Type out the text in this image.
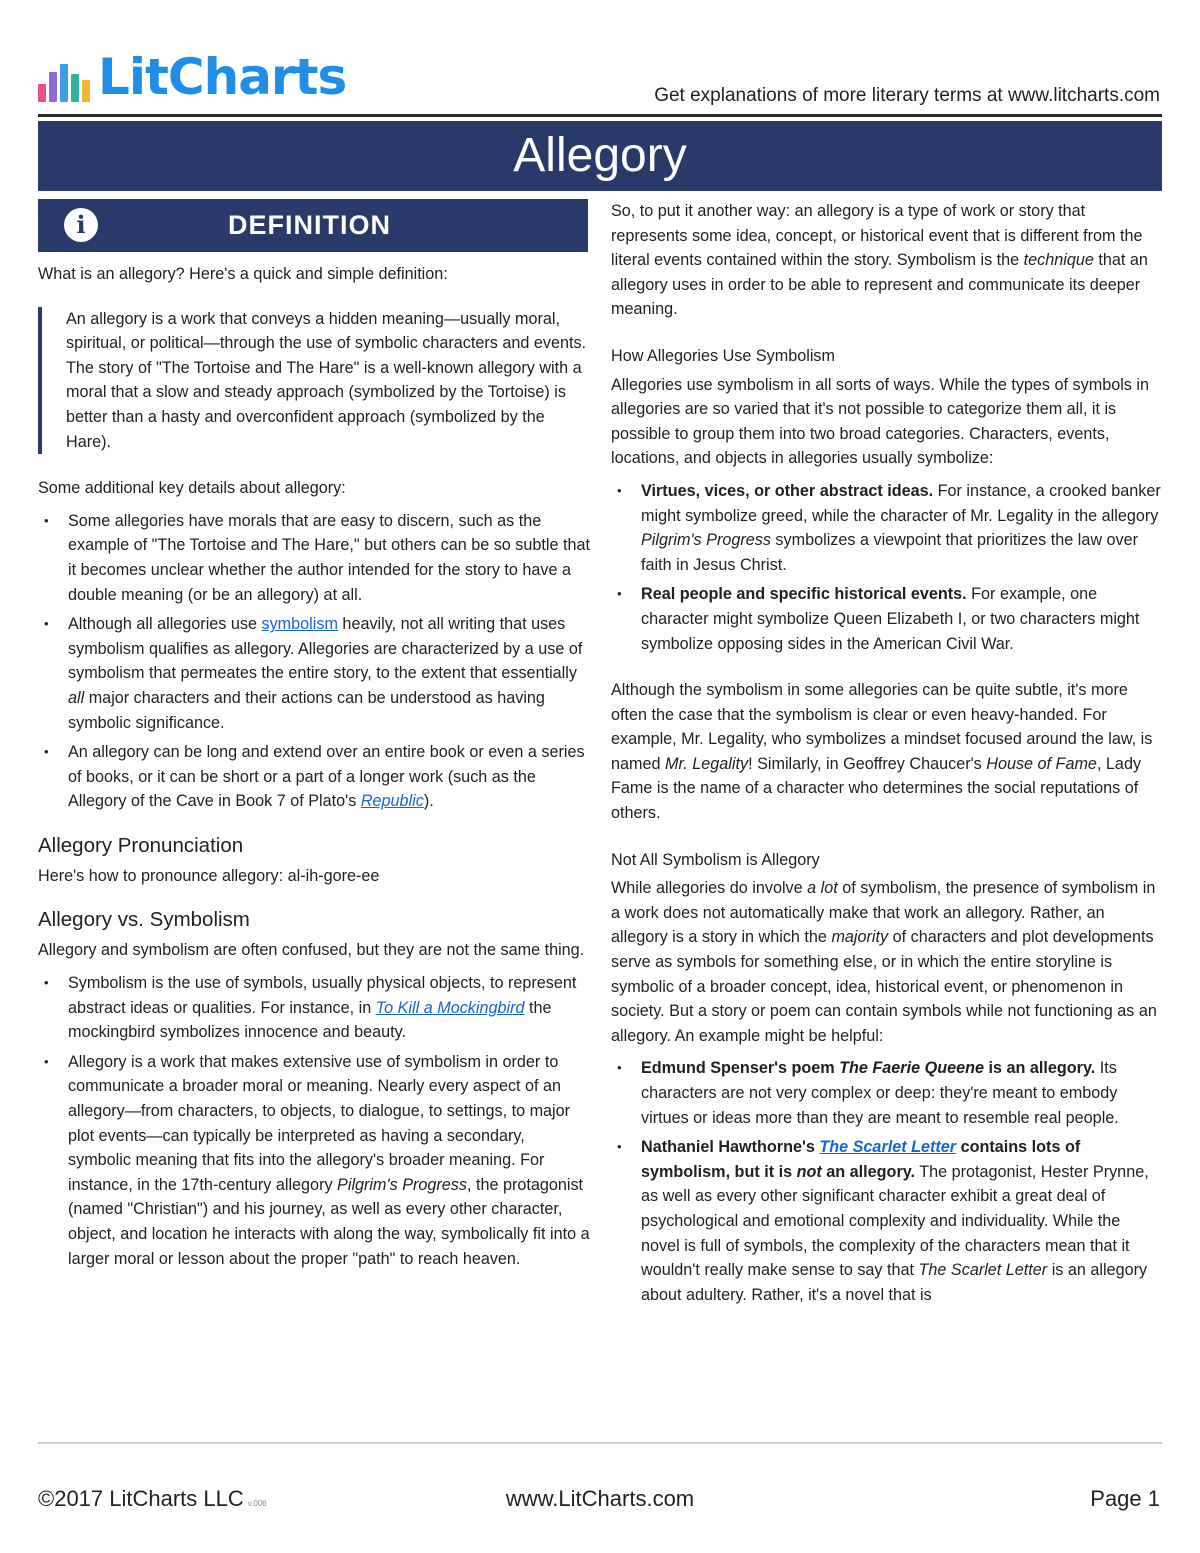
LitCharts	Get explanations of more literary terms at www.litcharts.com
Allegory
i	DEFINITION

What is an allegory? Here's a quick and simple definition:

An allegory is a work that conveys a hidden meaning—usually moral, spiritual, or political—through the use of symbolic characters and events. The story of "The Tortoise and The Hare" is a well-known allegory with a moral that a slow and steady approach (symbolized by the Tortoise) is better than a hasty and overconfident approach (symbolized by the Hare).

Some additional key details about allegory:

• Some allegories have morals that are easy to discern, such as the example of "The Tortoise and The Hare," but others can be so subtle that it becomes unclear whether the author intended for the story to have a double meaning (or be an allegory) at all.
• Although all allegories use symbolism heavily, not all writing that uses symbolism qualifies as allegory. Allegories are characterized by a use of symbolism that permeates the entire story, to the extent that essentially all major characters and their actions can be understood as having symbolic significance.
• An allegory can be long and extend over an entire book or even a series of books, or it can be short or a part of a longer work (such as the Allegory of the Cave in Book 7 of Plato's Republic).

Allegory Pronunciation

Here's how to pronounce allegory: al-ih-gore-ee

Allegory vs. Symbolism

Allegory and symbolism are often confused, but they are not the same thing.

• Symbolism is the use of symbols, usually physical objects, to represent abstract ideas or qualities. For instance, in To Kill a Mockingbird the mockingbird symbolizes innocence and beauty.
• Allegory is a work that makes extensive use of symbolism in order to communicate a broader moral or meaning. Nearly every aspect of an allegory—from characters, to objects, to dialogue, to settings, to major plot events—can typically be interpreted as having a secondary, symbolic meaning that fits into the allegory's broader meaning. For instance, in the 17th-century allegory Pilgrim's Progress, the protagonist (named "Christian") and his journey, as well as every other character, object, and location he interacts with along the way, symbolically fit into a larger moral or lesson about the proper "path" to reach heaven.

So, to put it another way: an allegory is a type of work or story that represents some idea, concept, or historical event that is different from the literal events contained within the story. Symbolism is the technique that an allegory uses in order to be able to represent and communicate its deeper meaning.

How Allegories Use Symbolism

Allegories use symbolism in all sorts of ways. While the types of symbols in allegories are so varied that it's not possible to categorize them all, it is possible to group them into two broad categories. Characters, events, locations, and objects in allegories usually symbolize:

• Virtues, vices, or other abstract ideas. For instance, a crooked banker might symbolize greed, while the character of Mr. Legality in the allegory Pilgrim's Progress symbolizes a viewpoint that prioritizes the law over faith in Jesus Christ.
• Real people and specific historical events. For example, one character might symbolize Queen Elizabeth I, or two characters might symbolize opposing sides in the American Civil War.

Although the symbolism in some allegories can be quite subtle, it's more often the case that the symbolism is clear or even heavy-handed. For example, Mr. Legality, who symbolizes a mindset focused around the law, is named Mr. Legality! Similarly, in Geoffrey Chaucer's House of Fame, Lady Fame is the name of a character who determines the social reputations of others.

Not All Symbolism is Allegory

While allegories do involve a lot of symbolism, the presence of symbolism in a work does not automatically make that work an allegory. Rather, an allegory is a story in which the majority of characters and plot developments serve as symbols for something else, or in which the entire storyline is symbolic of a broader concept, idea, historical event, or phenomenon in society. But a story or poem can contain symbols while not functioning as an allegory. An example might be helpful:

• Edmund Spenser's poem The Faerie Queene is an allegory. Its characters are not very complex or deep: they're meant to embody virtues or ideas more than they are meant to resemble real people.
• Nathaniel Hawthorne's The Scarlet Letter contains lots of symbolism, but it is not an allegory. The protagonist, Hester Prynne, as well as every other significant character exhibit a great deal of psychological and emotional complexity and individuality. While the novel is full of symbols, the complexity of the characters mean that it wouldn't really make sense to say that The Scarlet Letter is an allegory about adultery. Rather, it's a novel that is
©2017 LitCharts LLC v.006	www.LitCharts.com	Page 1
